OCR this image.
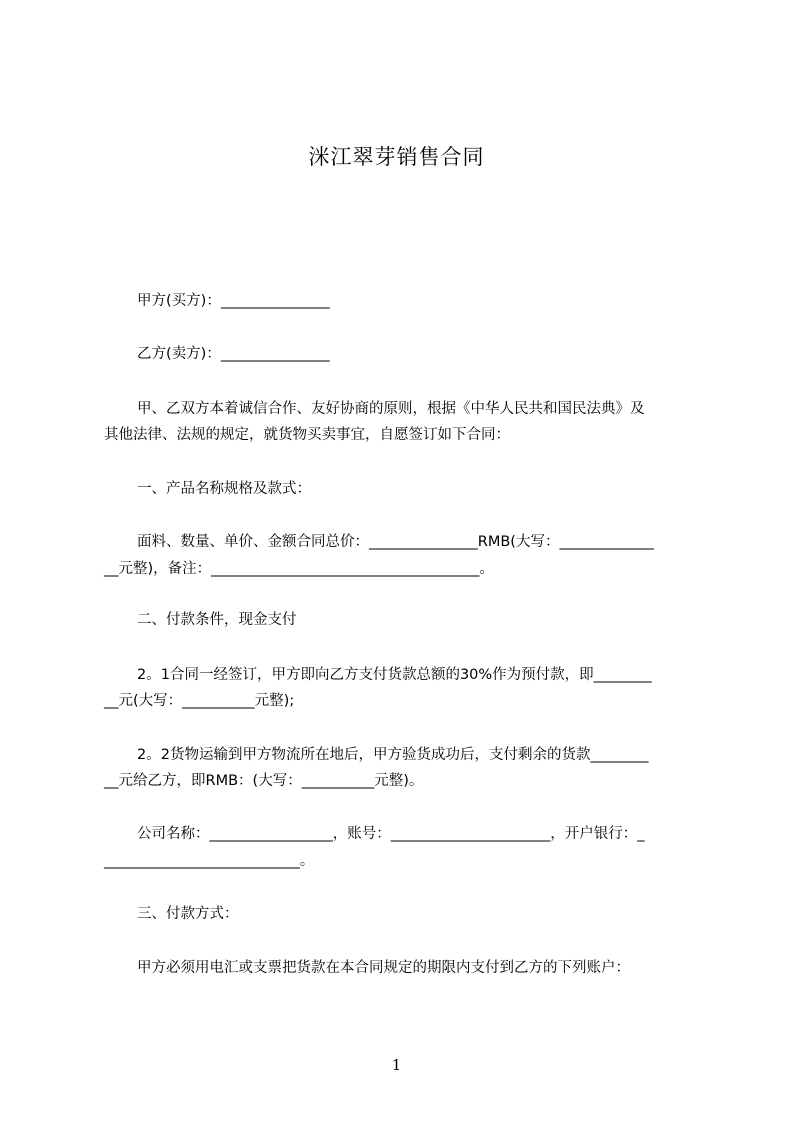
洣江翠芽销售合同
甲方(买方)：_______________
乙方(卖方)：_______________
甲、乙双方本着诚信合作、友好协商的原则，根据《中华人民共和国民法典》及
其他法律、法规的规定，就货物买卖事宜，自愿签订如下合同：
一、产品名称规格及款式：
面料、数量、单价、金额合同总价：_______________RMB(大写：_____________
__元整)，备注：_____________________________________。
二、付款条件，现金支付
2。1合同一经签订，甲方即向乙方支付货款总额的30%作为预付款，即________
__元(大写：__________元整);
2。2货物运输到甲方物流所在地后，甲方验货成功后，支付剩余的货款________
__元给乙方，即RMB：(大写：__________元整)。
公司名称：_________________，账号：______________________，开户银行：_
___________________________。
三、付款方式：
甲方必须用电汇或支票把货款在本合同规定的期限内支付到乙方的下列账户：
1
